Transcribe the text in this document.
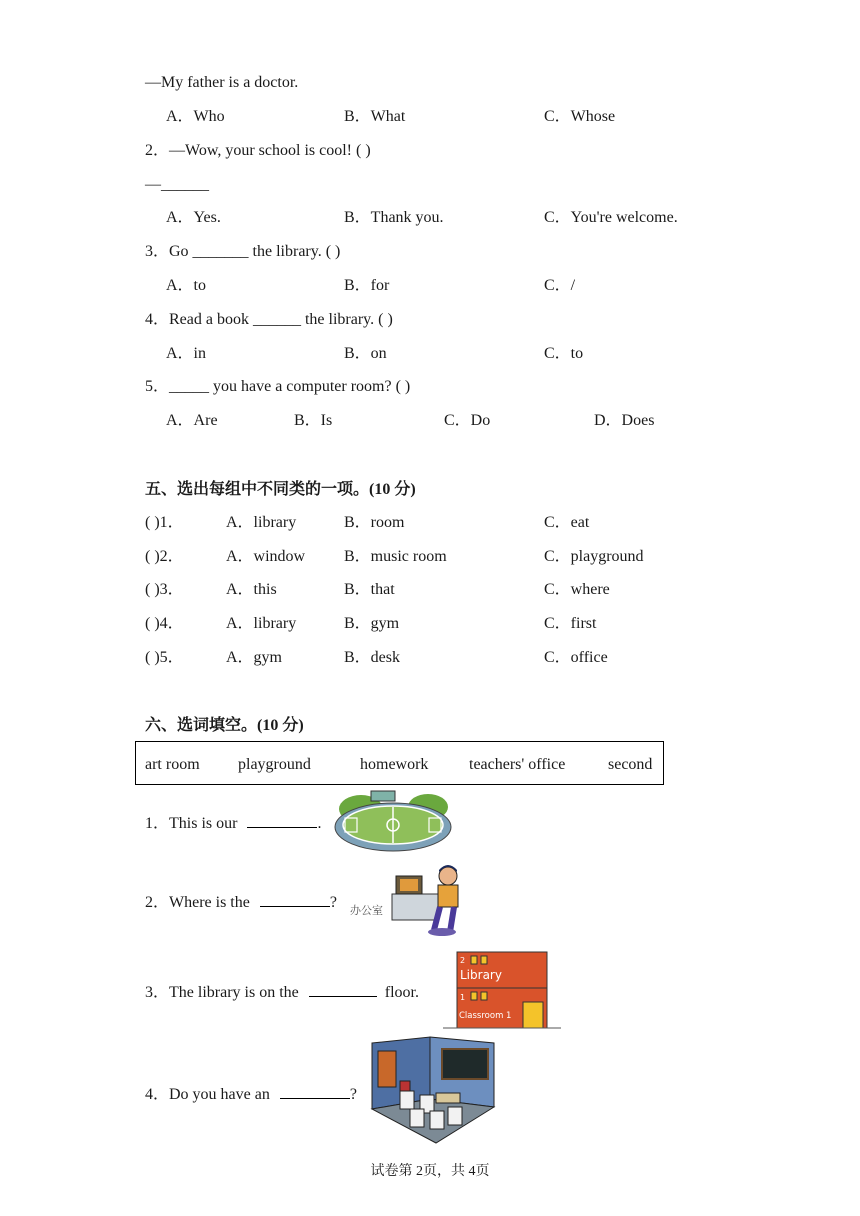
—My father is a doctor.
A．Who	B．What	C．Whose
2．—Wow, your school is cool! ( )
—______
A．Yes.	B．Thank you.	C．You're welcome.
3．Go _______ the library. ( )
A．to	B．for	C．/
4．Read a book ______ the library. ( )
A．in	B．on	C．to
5．_____ you have a computer room? ( )
A．Are	B．Is	C．Do	D．Does
五、选出每组中不同类的一项。(10 分)
( )1．	A．library	B．room	C．eat
( )2．	A．window B．music room	C．playground
( )3．	A．this	B．that	C．where
( )4．	A．library	B．gym	C．first
( )5．	A．gym	B．desk	C．office
六、选词填空。(10 分)
art room playground	homework	teachers' office	second
1．This is our	.
2．Where is the	? 办公室
3．The library is on the	floor.
2
Library
1
Classroom 1
4．Do you have an	?
试卷第 2页，共 4页
